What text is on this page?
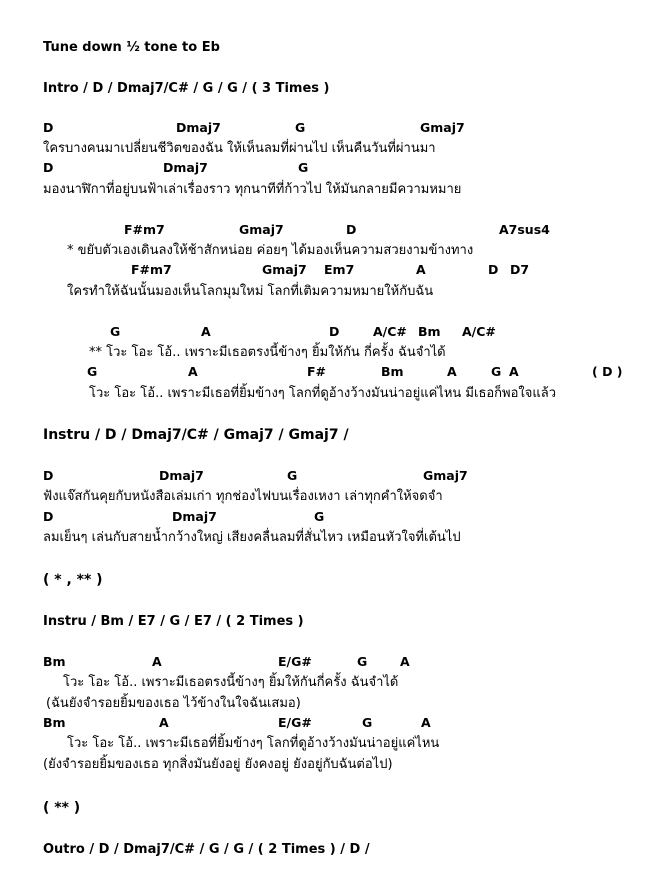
Tune down ½ tone to Eb
Intro / D / Dmaj7/C# / G / G / ( 3 Times )
D	Dmaj7	G	Gmaj7
ใครบางคนมาเปลี่ยนชีวิตของฉัน ให้เห็นลมที่ผ่านไป เห็นคืนวันที่ผ่านมา
D	Dmaj7	G
มองนาฬิกาที่อยู่บนฟ้าเล่าเรื่องราว ทุกนาทีที่ก้าวไป ให้มันกลายมีความหมาย
F#m7	Gmaj7	D	A7sus4
* ขยับตัวเองเดินลงให้ช้าสักหน่อย ค่อยๆ ได้มองเห็นความสวยงามข้างทาง
F#m7	Gmaj7 Em7	A	D D7
ใครทำให้ฉันนั้นมองเห็นโลกมุมใหม่ โลกที่เติมความหมายให้กับฉัน
G	A	D	A/C# Bm A/C#
** โวะ โอะ โอ้.. เพราะมีเธอตรงนี้ข้างๆ ยิ้มให้กัน กี่ครั้ง ฉันจำได้
G	A	F#	Bm	A	G A	( D )
โวะ โอะ โอ้.. เพราะมีเธอที่ยิ้มข้างๆ โลกที่ดูอ้างว้างมันน่าอยู่แค่ไหน มีเธอก็พอใจแล้ว
Instru / D / Dmaj7/C# / Gmaj7 / Gmaj7 /
D	Dmaj7	G	Gmaj7
ฟังแจ๊สกันคุยกับหนังสือเล่มเก่า ทุกช่องไฟบนเรื่องเหงา เล่าทุกคำให้จดจำ
D	Dmaj7	G
ลมเย็นๆ เล่นกับสายน้ำกว้างใหญ่ เสียงคลื่นลมที่สั่นไหว เหมือนหัวใจที่เต้นไป
( * , ** )
Instru / Bm / E7 / G / E7 / ( 2 Times )
Bm	A	E/G#	G	A
โวะ โอะ โอ้.. เพราะมีเธอตรงนี้ข้างๆ ยิ้มให้กันกี่ครั้ง ฉันจำได้
(ฉันยังจำรอยยิ้มของเธอ ไว้ข้างในใจฉันเสมอ)
Bm	A	E/G#	G	A
โวะ โอะ โอ้.. เพราะมีเธอที่ยิ้มข้างๆ โลกที่ดูอ้างว้างมันน่าอยู่แค่ไหน
(ยังจำรอยยิ้มของเธอ ทุกสิ่งมันยังอยู่ ยังคงอยู่ ยังอยู่กับฉันต่อไป)
( ** )
Outro / D / Dmaj7/C# / G / G / ( 2 Times ) / D /
